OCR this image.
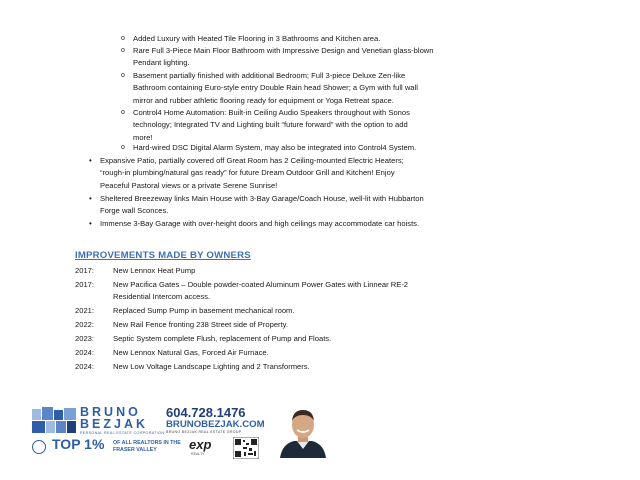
o Added Luxury with Heated Tile Flooring in 3 Bathrooms and Kitchen area.
o Rare Full 3-Piece Main Floor Bathroom with Impressive Design and Venetian glass-blown
Pendant lighting.
o Basement partially finished with additional Bedroom; Full 3-piece Deluxe Zen-like
Bathroom containing Euro-style entry Double Rain head Shower; a Gym with full wall
mirror and rubber athletic flooring ready for equipment or Yoga Retreat space.
o Control4 Home Automation: Built-in Ceiling Audio Speakers throughout with Sonos
technology; Integrated TV and Lighting built “future forward” with the option to add
more!
o Hard-wired DSC Digital Alarm System, may also be integrated into Control4 System.
• Expansive Patio, partially covered off Great Room has 2 Ceiling-mounted Electric Heaters;
“rough-in plumbing/natural gas ready” for future Dream Outdoor Grill and Kitchen! Enjoy
Peaceful Pastoral views or a private Serene Sunrise!
• Sheltered Breezeway links Main House with 3-Bay Garage/Coach House, well-lit with Hubbarton
Forge wall Sconces.
• Immense 3-Bay Garage with over-height doors and high ceilings may accommodate car hoists.
IMPROVEMENTS MADE BY OWNERS
2017:	New Lennox Heat Pump
2017:	New Pacifica Gates – Double powder-coated Aluminum Power Gates with Linnear RE-2
Residential Intercom access.
2021:	Replaced Sump Pump in basement mechanical room.
2022:	New Rail Fence fronting 238 Street side of Property.
2023:	Septic System complete Flush, replacement of Pump and Floats.
2024:	New Lennox Natural Gas, Forced Air Furnace.
2024:	New Low Voltage Landscape Lighting and 2 Transformers.
BRUNO
BEZJAK
PERSONAL REAL ESTATE CORPORATION
604.728.1476
BRUNOBEZJAK.COM
BRUNO BEZJAK REAL ESTATE GROUP
TOP 1% OF ALL REALTORS IN THE FRASER VALLEY	exp
REALTY
